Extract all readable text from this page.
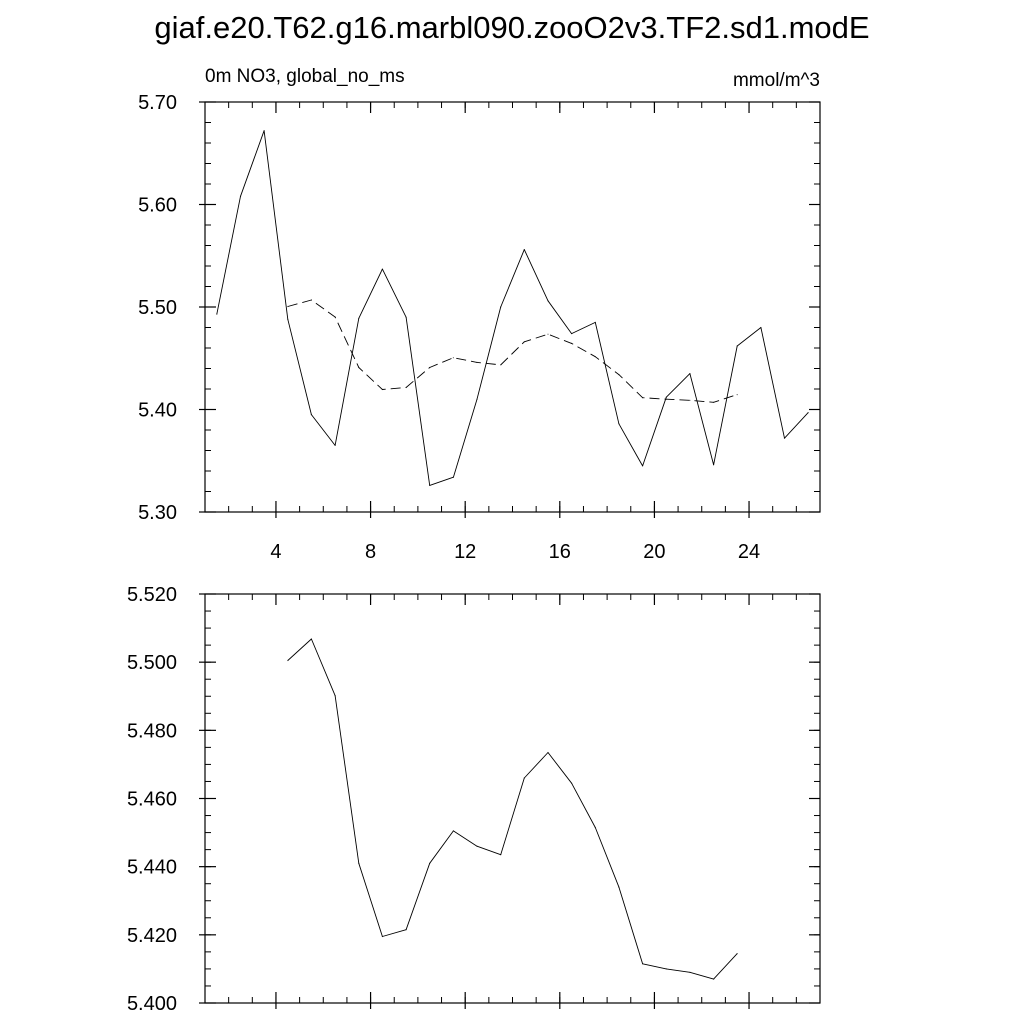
giaf.e20.T62.g16.marbl090.zooO2v3.TF2.sd1.modE
0m NO3, global_no_ms	mmol/m^3
5.30
5.40
5.50
5.60
5.70
4	8	12	16	20	24
5.400
5.420
5.440
5.460
5.480
5.500
5.520
